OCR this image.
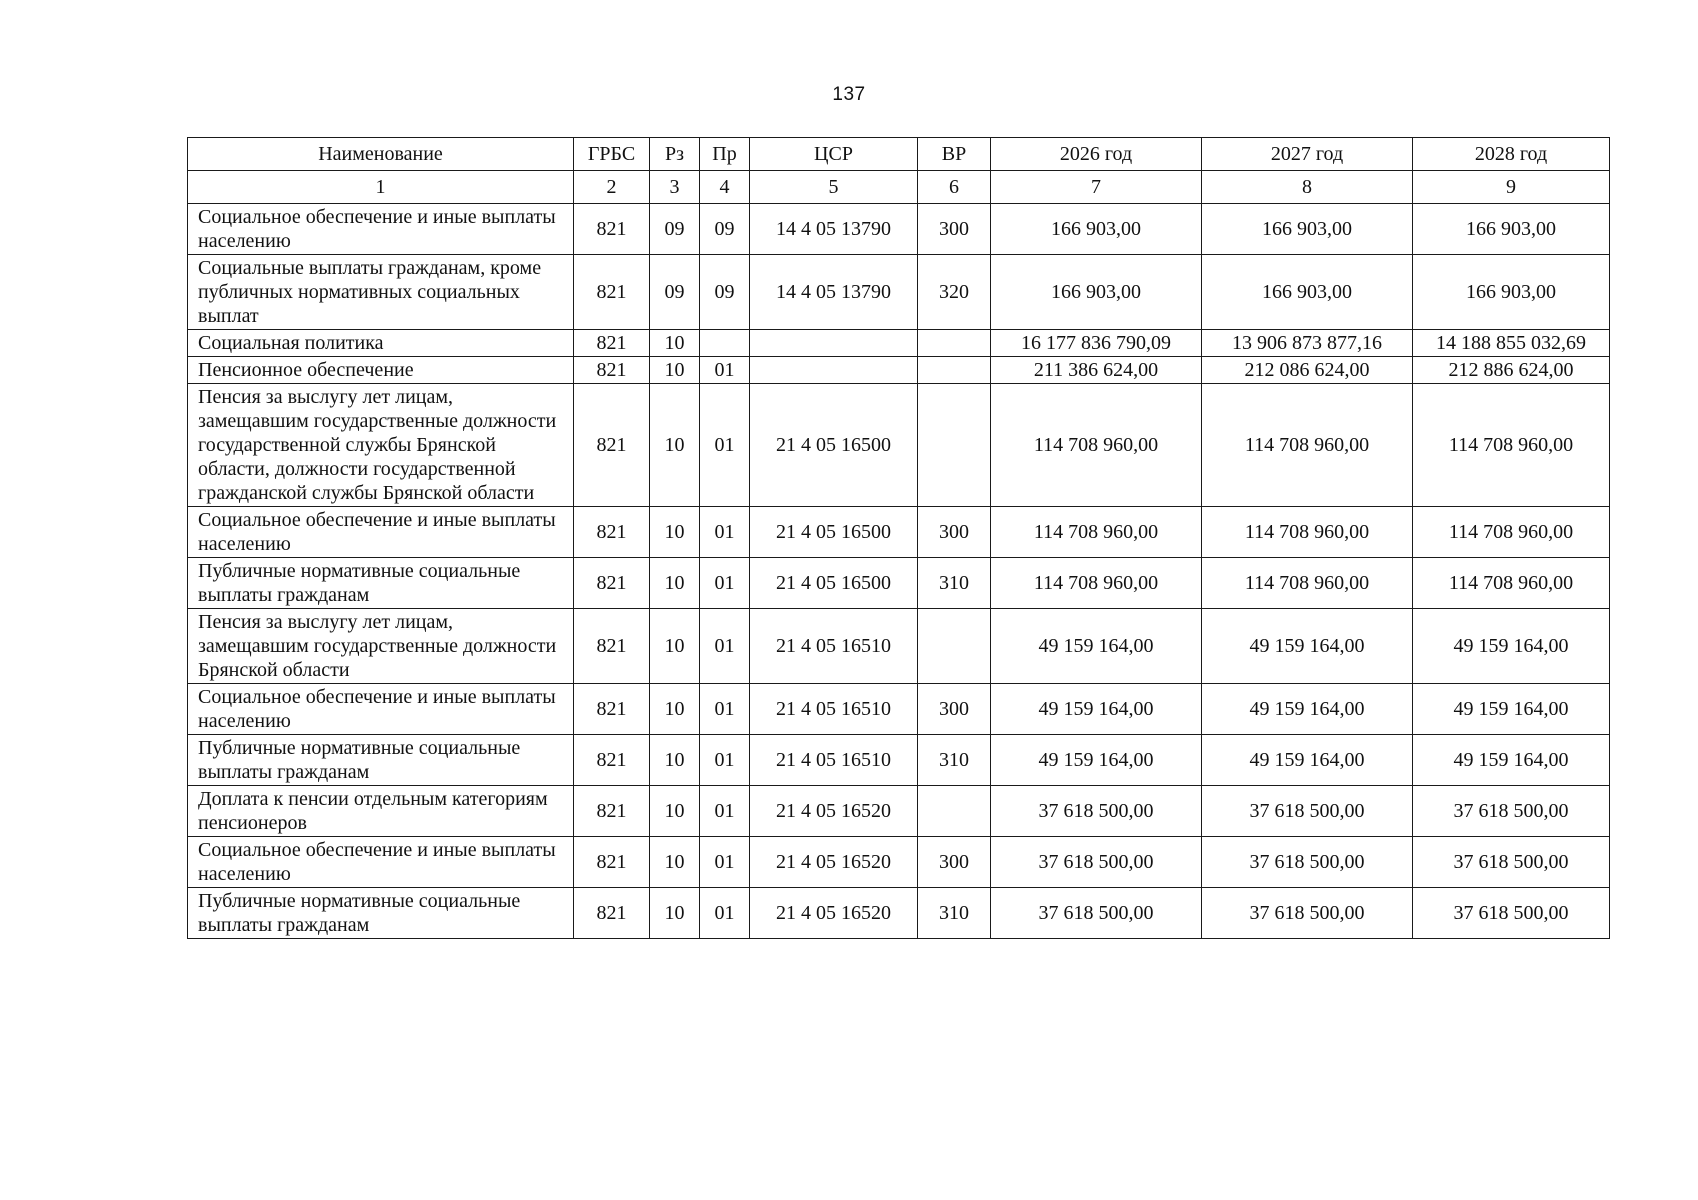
137
Наименование	ГРБС	Рз	Пр	ЦСР	ВР	2026 год	2027 год	2028 год
1	2	3	4	5	6	7	8	9
Социальное обеспечение и иные выплаты населению	821	09	09	14 4 05 13790	300	166 903,00	166 903,00	166 903,00
Социальные выплаты гражданам, кроме публичных нормативных социальных выплат	821	09	09	14 4 05 13790	320	166 903,00	166 903,00	166 903,00
Социальная политика	821	10				16 177 836 790,09	13 906 873 877,16	14 188 855 032,69
Пенсионное обеспечение	821	10	01			211 386 624,00	212 086 624,00	212 886 624,00
Пенсия за выслугу лет лицам, замещавшим государственные должности государственной службы Брянской области, должности государственной гражданской службы Брянской области	821	10	01	21 4 05 16500		114 708 960,00	114 708 960,00	114 708 960,00
Социальное обеспечение и иные выплаты населению	821	10	01	21 4 05 16500	300	114 708 960,00	114 708 960,00	114 708 960,00
Публичные нормативные социальные выплаты гражданам	821	10	01	21 4 05 16500	310	114 708 960,00	114 708 960,00	114 708 960,00
Пенсия за выслугу лет лицам, замещавшим государственные должности Брянской области	821	10	01	21 4 05 16510		49 159 164,00	49 159 164,00	49 159 164,00
Социальное обеспечение и иные выплаты населению	821	10	01	21 4 05 16510	300	49 159 164,00	49 159 164,00	49 159 164,00
Публичные нормативные социальные выплаты гражданам	821	10	01	21 4 05 16510	310	49 159 164,00	49 159 164,00	49 159 164,00
Доплата к пенсии отдельным категориям пенсионеров	821	10	01	21 4 05 16520		37 618 500,00	37 618 500,00	37 618 500,00
Социальное обеспечение и иные выплаты населению	821	10	01	21 4 05 16520	300	37 618 500,00	37 618 500,00	37 618 500,00
Публичные нормативные социальные выплаты гражданам	821	10	01	21 4 05 16520	310	37 618 500,00	37 618 500,00	37 618 500,00
